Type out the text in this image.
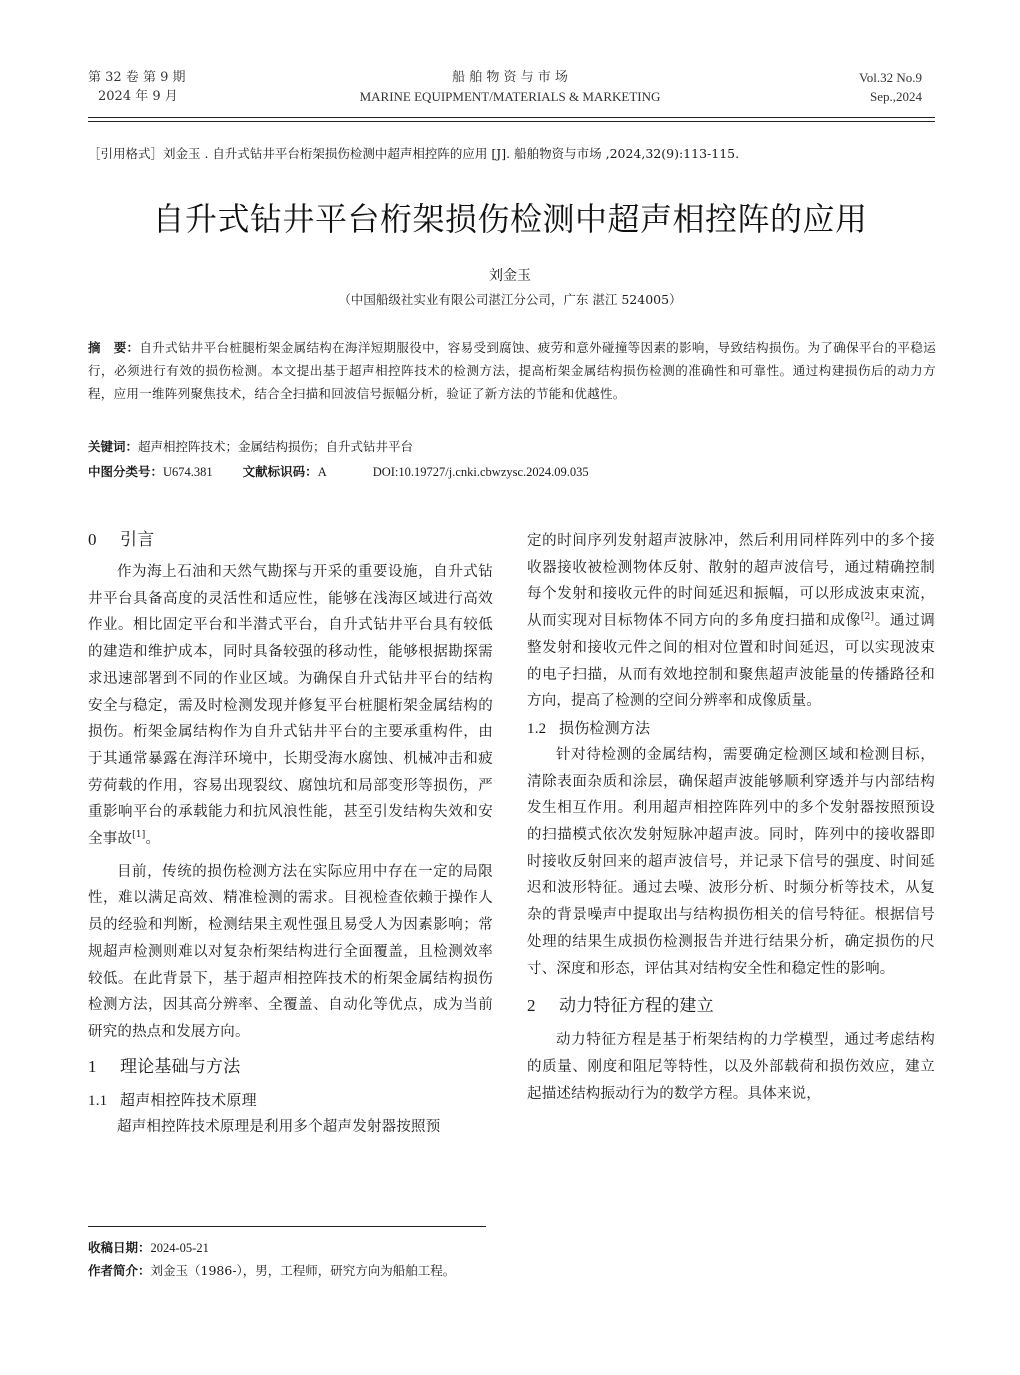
第 32 卷 第 9 期
2024 年 9 月
船 舶 物 资 与 市 场
MARINE EQUIPMENT/MATERIALS & MARKETING
Vol.32 No.9
Sep.,2024
［引用格式］刘金玉 . 自升式钻井平台桁架损伤检测中超声相控阵的应用 [J]. 船舶物资与市场 ,2024,32(9):113-115.
自升式钻井平台桁架损伤检测中超声相控阵的应用
刘金玉
（中国船级社实业有限公司湛江分公司，广东 湛江 524005）
摘　要：自升式钻井平台桩腿桁架金属结构在海洋短期服役中，容易受到腐蚀、疲劳和意外碰撞等因素的影响，导致结构损伤。为了确保平台的平稳运行，必须进行有效的损伤检测。本文提出基于超声相控阵技术的检测方法，提高桁架金属结构损伤检测的准确性和可靠性。通过构建损伤后的动力方程，应用一维阵列聚焦技术，结合全扫描和回波信号振幅分析，验证了新方法的节能和优越性。
关键词：超声相控阵技术；金属结构损伤；自升式钻井平台
中图分类号：U674.381 文献标识码：A	DOI:10.19727/j.cnki.cbwzysc.2024.09.035
0 引言

作为海上石油和天然气勘探与开采的重要设施，自升式钻井平台具备高度的灵活性和适应性，能够在浅海区域进行高效作业。相比固定平台和半潜式平台，自升式钻井平台具有较低的建造和维护成本，同时具备较强的移动性，能够根据勘探需求迅速部署到不同的作业区域。为确保自升式钻井平台的结构安全与稳定，需及时检测发现并修复平台桩腿桁架金属结构的损伤。桁架金属结构作为自升式钻井平台的主要承重构件，由于其通常暴露在海洋环境中，长期受海水腐蚀、机械冲击和疲劳荷载的作用，容易出现裂纹、腐蚀坑和局部变形等损伤，严重影响平台的承载能力和抗风浪性能，甚至引发结构失效和安全事故[1]。

目前，传统的损伤检测方法在实际应用中存在一定的局限性，难以满足高效、精准检测的需求。目视检查依赖于操作人员的经验和判断，检测结果主观性强且易受人为因素影响；常规超声检测则难以对复杂桁架结构进行全面覆盖，且检测效率较低。在此背景下，基于超声相控阵技术的桁架金属结构损伤检测方法，因其高分辨率、全覆盖、自动化等优点，成为当前研究的热点和发展方向。

1 理论基础与方法
1.1 超声相控阵技术原理

超声相控阵技术原理是利用多个超声发射器按照预

定的时间序列发射超声波脉冲，然后利用同样阵列中的多个接收器接收被检测物体反射、散射的超声波信号，通过精确控制每个发射和接收元件的时间延迟和振幅，可以形成波束束流，从而实现对目标物体不同方向的多角度扫描和成像[2]。通过调整发射和接收元件之间的相对位置和时间延迟，可以实现波束的电子扫描，从而有效地控制和聚焦超声波能量的传播路径和方向，提高了检测的空间分辨率和成像质量。

1.2 损伤检测方法

针对待检测的金属结构，需要确定检测区域和检测目标，清除表面杂质和涂层，确保超声波能够顺利穿透并与内部结构发生相互作用。利用超声相控阵阵列中的多个发射器按照预设的扫描模式依次发射短脉冲超声波。同时，阵列中的接收器即时接收反射回来的超声波信号，并记录下信号的强度、时间延迟和波形特征。通过去噪、波形分析、时频分析等技术，从复杂的背景噪声中提取出与结构损伤相关的信号特征。根据信号处理的结果生成损伤检测报告并进行结果分析，确定损伤的尺寸、深度和形态，评估其对结构安全性和稳定性的影响。

2 动力特征方程的建立

动力特征方程是基于桁架结构的力学模型，通过考虑结构的质量、刚度和阻尼等特性，以及外部载荷和损伤效应，建立起描述结构振动行为的数学方程。具体来说，

收稿日期：2024-05-21
作者简介：刘金玉（1986-），男，工程师，研究方向为船舶工程。
